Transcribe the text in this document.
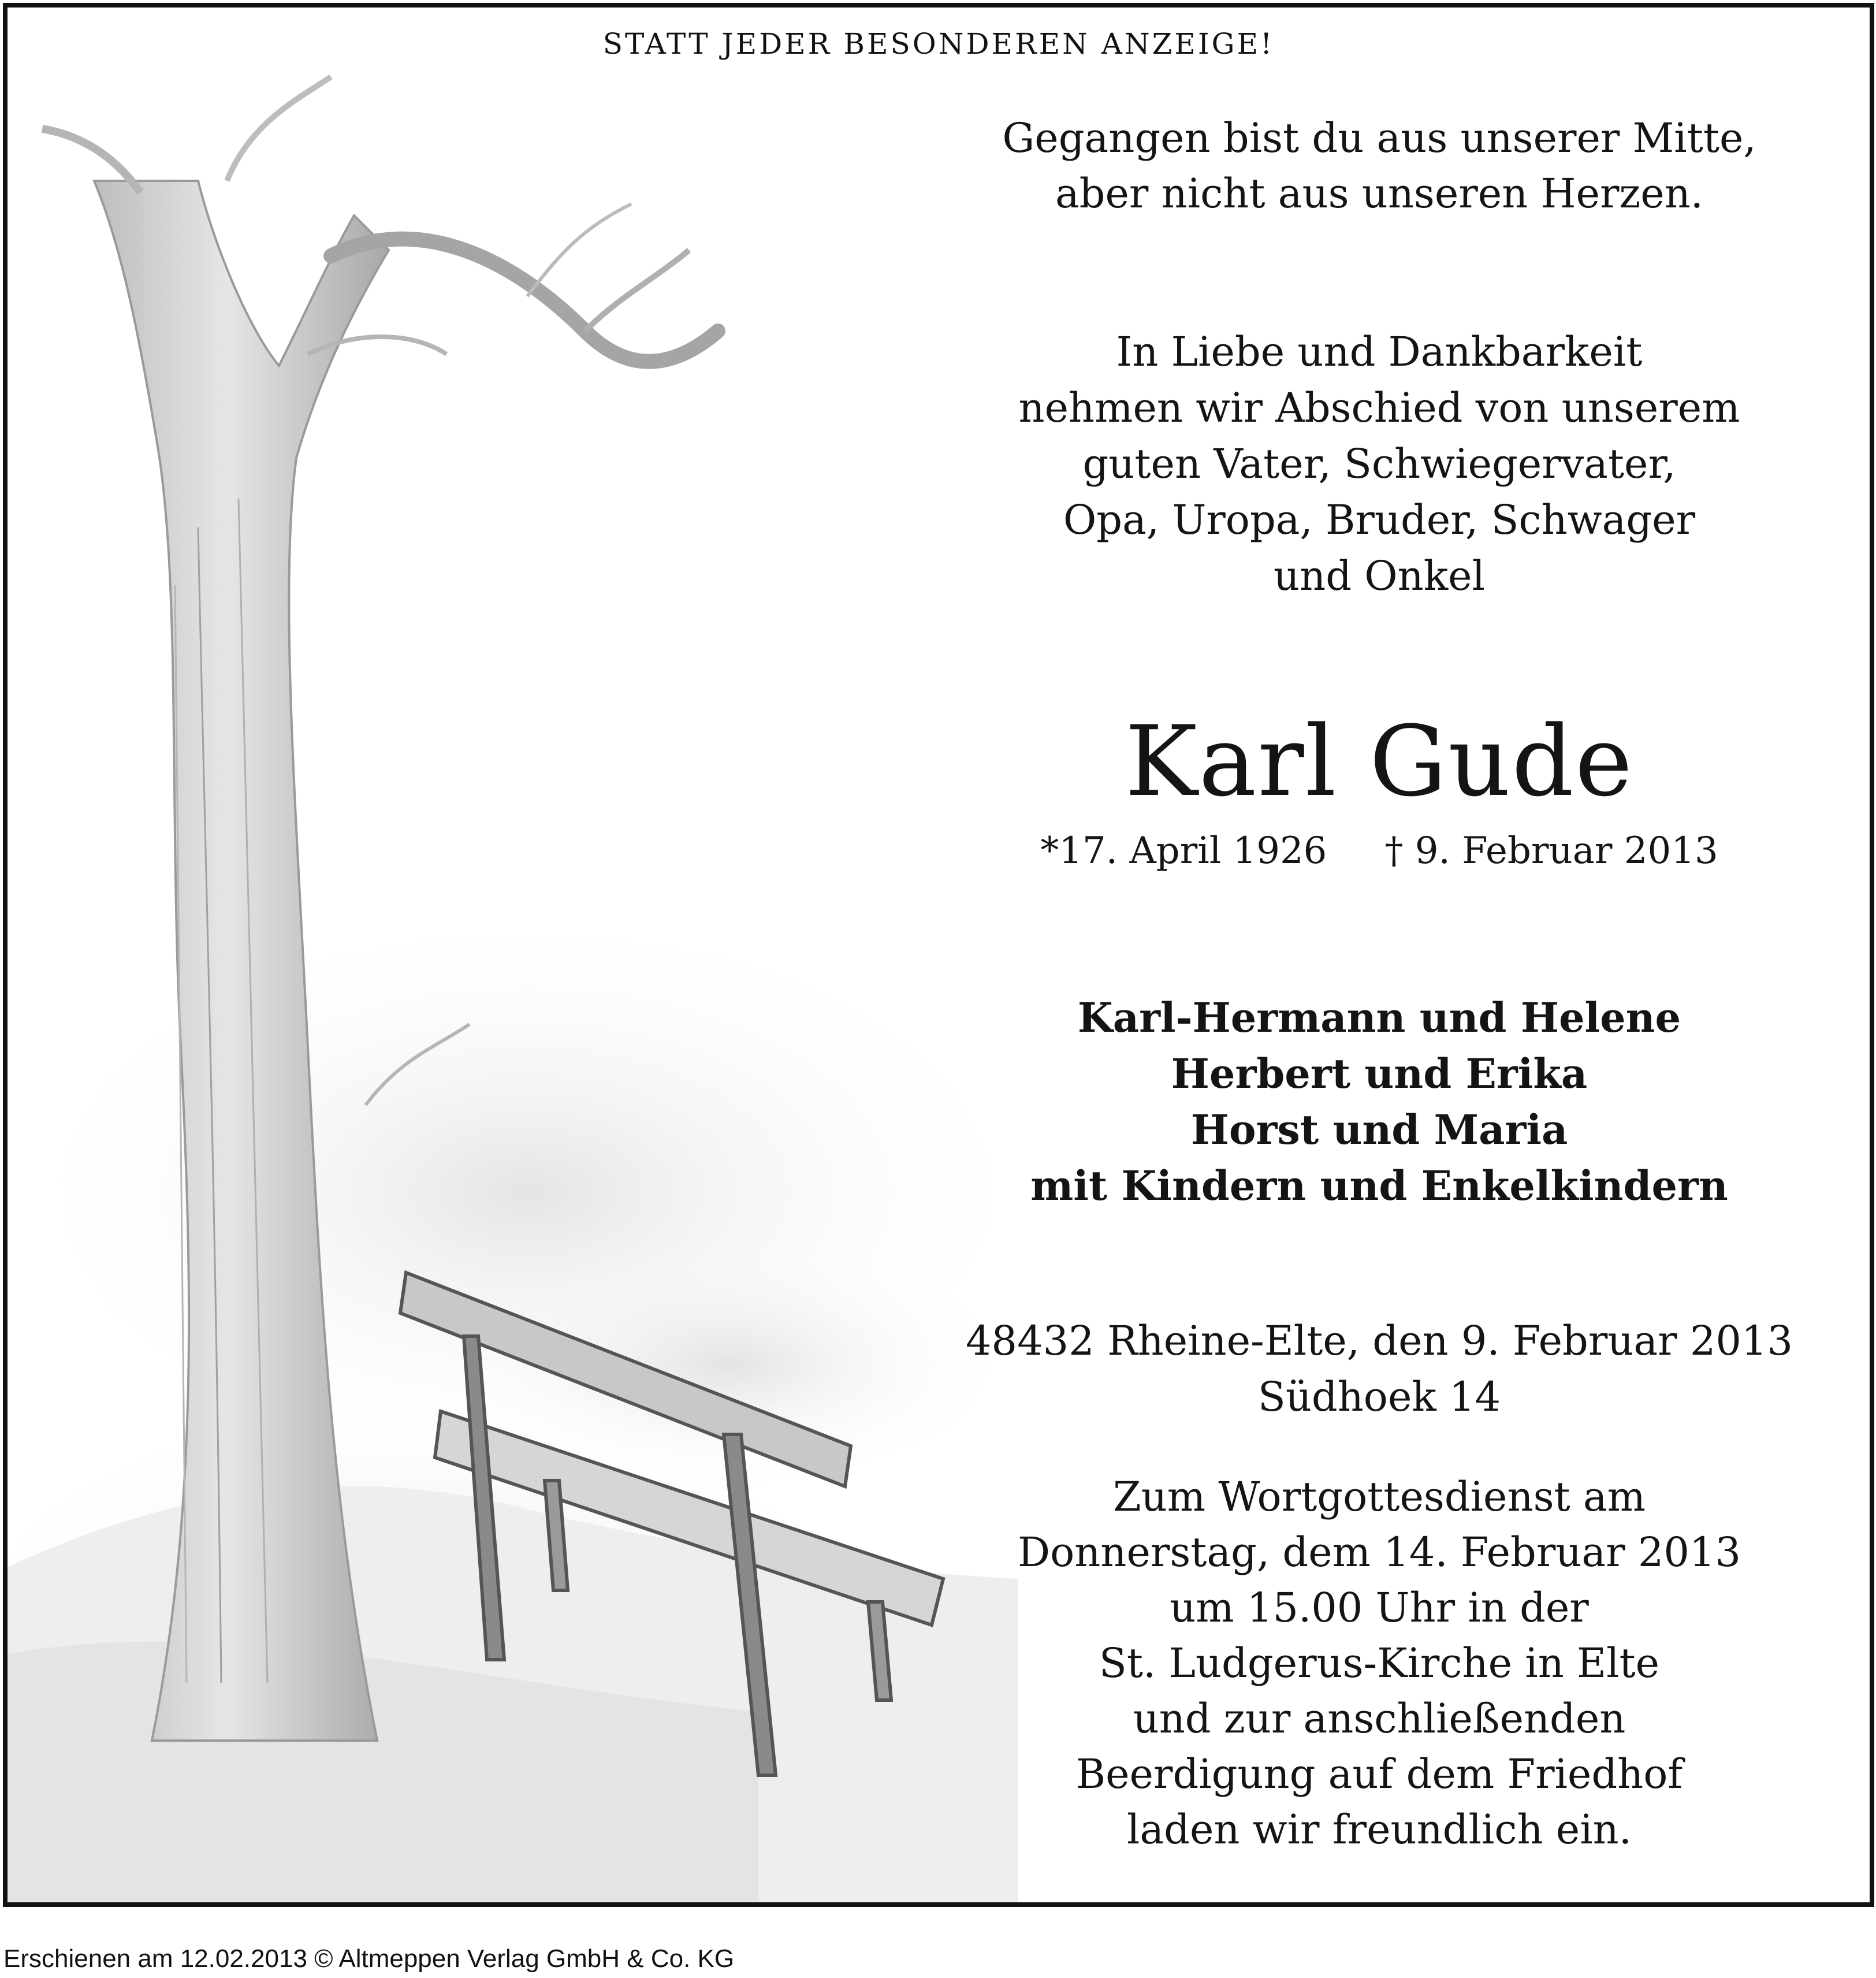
STATT JEDER BESONDEREN ANZEIGE!
Gegangen bist du aus unserer Mitte,
aber nicht aus unseren Herzen.
In Liebe und Dankbarkeit
nehmen wir Abschied von unserem
guten Vater, Schwiegervater,
Opa, Uropa, Bruder, Schwager
und Onkel
Karl Gude
*17. April 1926 † 9. Februar 2013
Karl-Hermann und Helene
Herbert und Erika
Horst und Maria
mit Kindern und Enkelkindern
48432 Rheine-Elte, den 9. Februar 2013
Südhoek 14
Zum Wortgottesdienst am
Donnerstag, dem 14. Februar 2013
um 15.00 Uhr in der
St. Ludgerus-Kirche in Elte
und zur anschließenden
Beerdigung auf dem Friedhof
laden wir freundlich ein.
Erschienen am 12.02.2013 © Altmeppen Verlag GmbH & Co. KG
